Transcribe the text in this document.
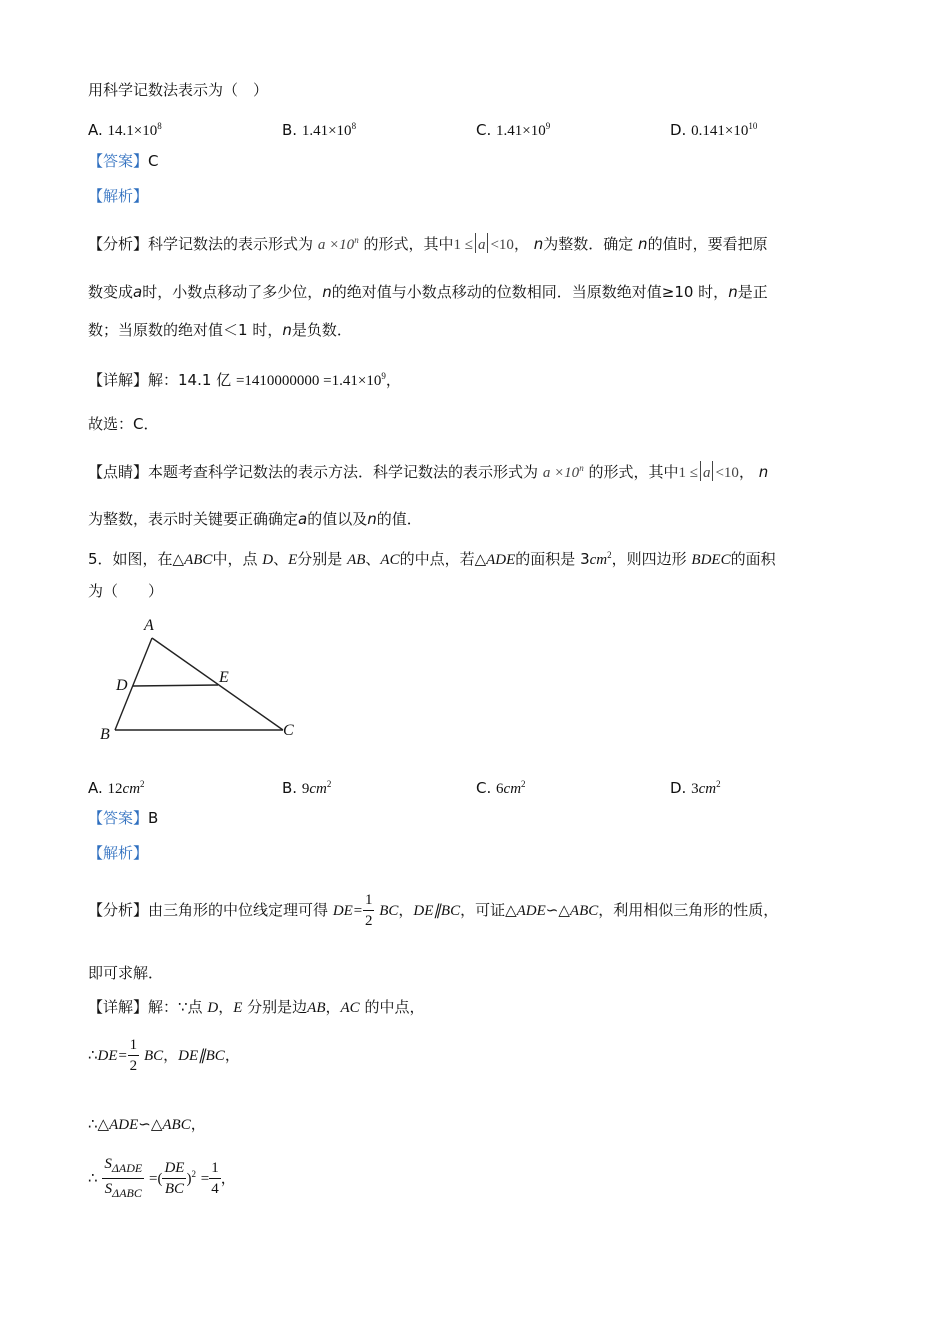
用科学记数法表示为（　）
A. $14.1\times 10^8$	B. $1.41\times 10^8$	C. $1.41\times 10^9$	D. $0.141\times 10^{10}$
【答案】C
【解析】
【分析】科学记数法的表示形式为 $a \times 10^n$ 的形式，其中1 ≤ a <10， n为整数．确定 n的值时，要看把原
数变成a时，小数点移动了多少位，n的绝对值与小数点移动的位数相同．当原数绝对值≥10 时，n是正
数；当原数的绝对值＜1 时，n是负数．
【详解】解：14.1 亿 $=1410000000 =1.41\times 10^9$，
故选：C．
【点睛】本题考查科学记数法的表示方法．科学记数法的表示形式为 $a \times 10^n$ 的形式，其中1 ≤ a <10， n
为整数，表示时关键要正确确定a的值以及n的值．
5．如图，在△ABC中，点 D、E分别是 AB、AC的中点，若△ADE的面积是 $3cm^2$，则四边形 BDEC的面积
为（　　）
A
B	C
D	E
A. $12cm^2$	B. $9cm^2$	C. $6cm^2$	D. $3cm^2$
【答案】B
【解析】
【分析】由三角形的中位线定理可得 $DE= \frac{1}{2}$ BC，DE∥BC，可证△ADE∽△ABC，利用相似三角形的性质，
即可求解．
【详解】解：∵点 D，E 分别是边AB，AC 的中点，
∴DE= $\frac{1}{2}$ BC，DE∥BC，
∴△ADE∽△ABC，
∴ $\frac{S_{\Delta ADE}}{S_{\Delta ABC}}$ =( $\frac{DE}{BC} )^2 = \frac{1}{4}$ ，
